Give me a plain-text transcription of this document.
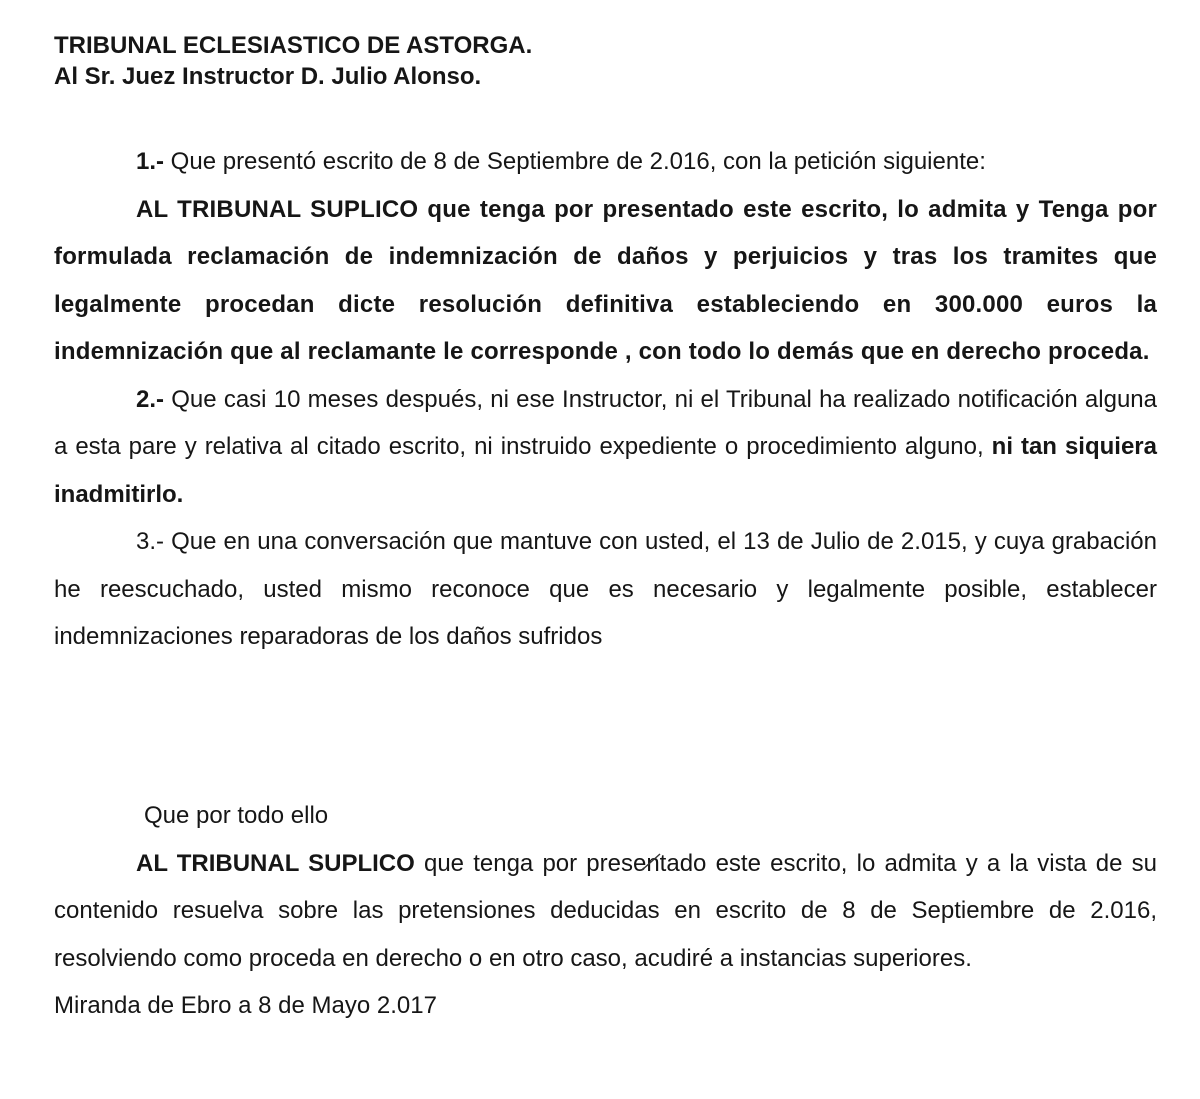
TRIBUNAL ECLESIASTICO DE ASTORGA.
Al Sr. Juez Instructor D. Julio Alonso.

1.- Que presentó escrito de 8 de Septiembre de 2.016, con la petición siguiente:

AL TRIBUNAL SUPLICO que tenga por presentado este escrito, lo admita y Tenga por formulada reclamación de indemnización de daños y perjuicios y tras los tramites que legalmente procedan dicte resolución definitiva estableciendo en 300.000 euros la indemnización que al reclamante le corresponde , con todo lo demás que en derecho proceda.

2.- Que casi 10 meses después, ni ese Instructor, ni el Tribunal ha realizado notificación alguna a esta pare y relativa al citado escrito, ni instruido expediente o procedimiento alguno, ni tan siquiera inadmitirlo.

3.- Que en una conversación que mantuve con usted, el 13 de Julio de 2.015, y cuya grabación he reescuchado, usted mismo reconoce que es necesario y legalmente posible, establecer indemnizaciones reparadoras de los daños sufridos

Que por todo ello

AL TRIBUNAL SUPLICO que tenga por presentado este escrito, lo admita y a la vista de su contenido resuelva sobre las pretensiones deducidas en escrito de 8 de Septiembre de 2.016, resolviendo como proceda en derecho o en otro caso, acudiré a instancias superiores.

Miranda de Ebro a 8 de Mayo 2.017
